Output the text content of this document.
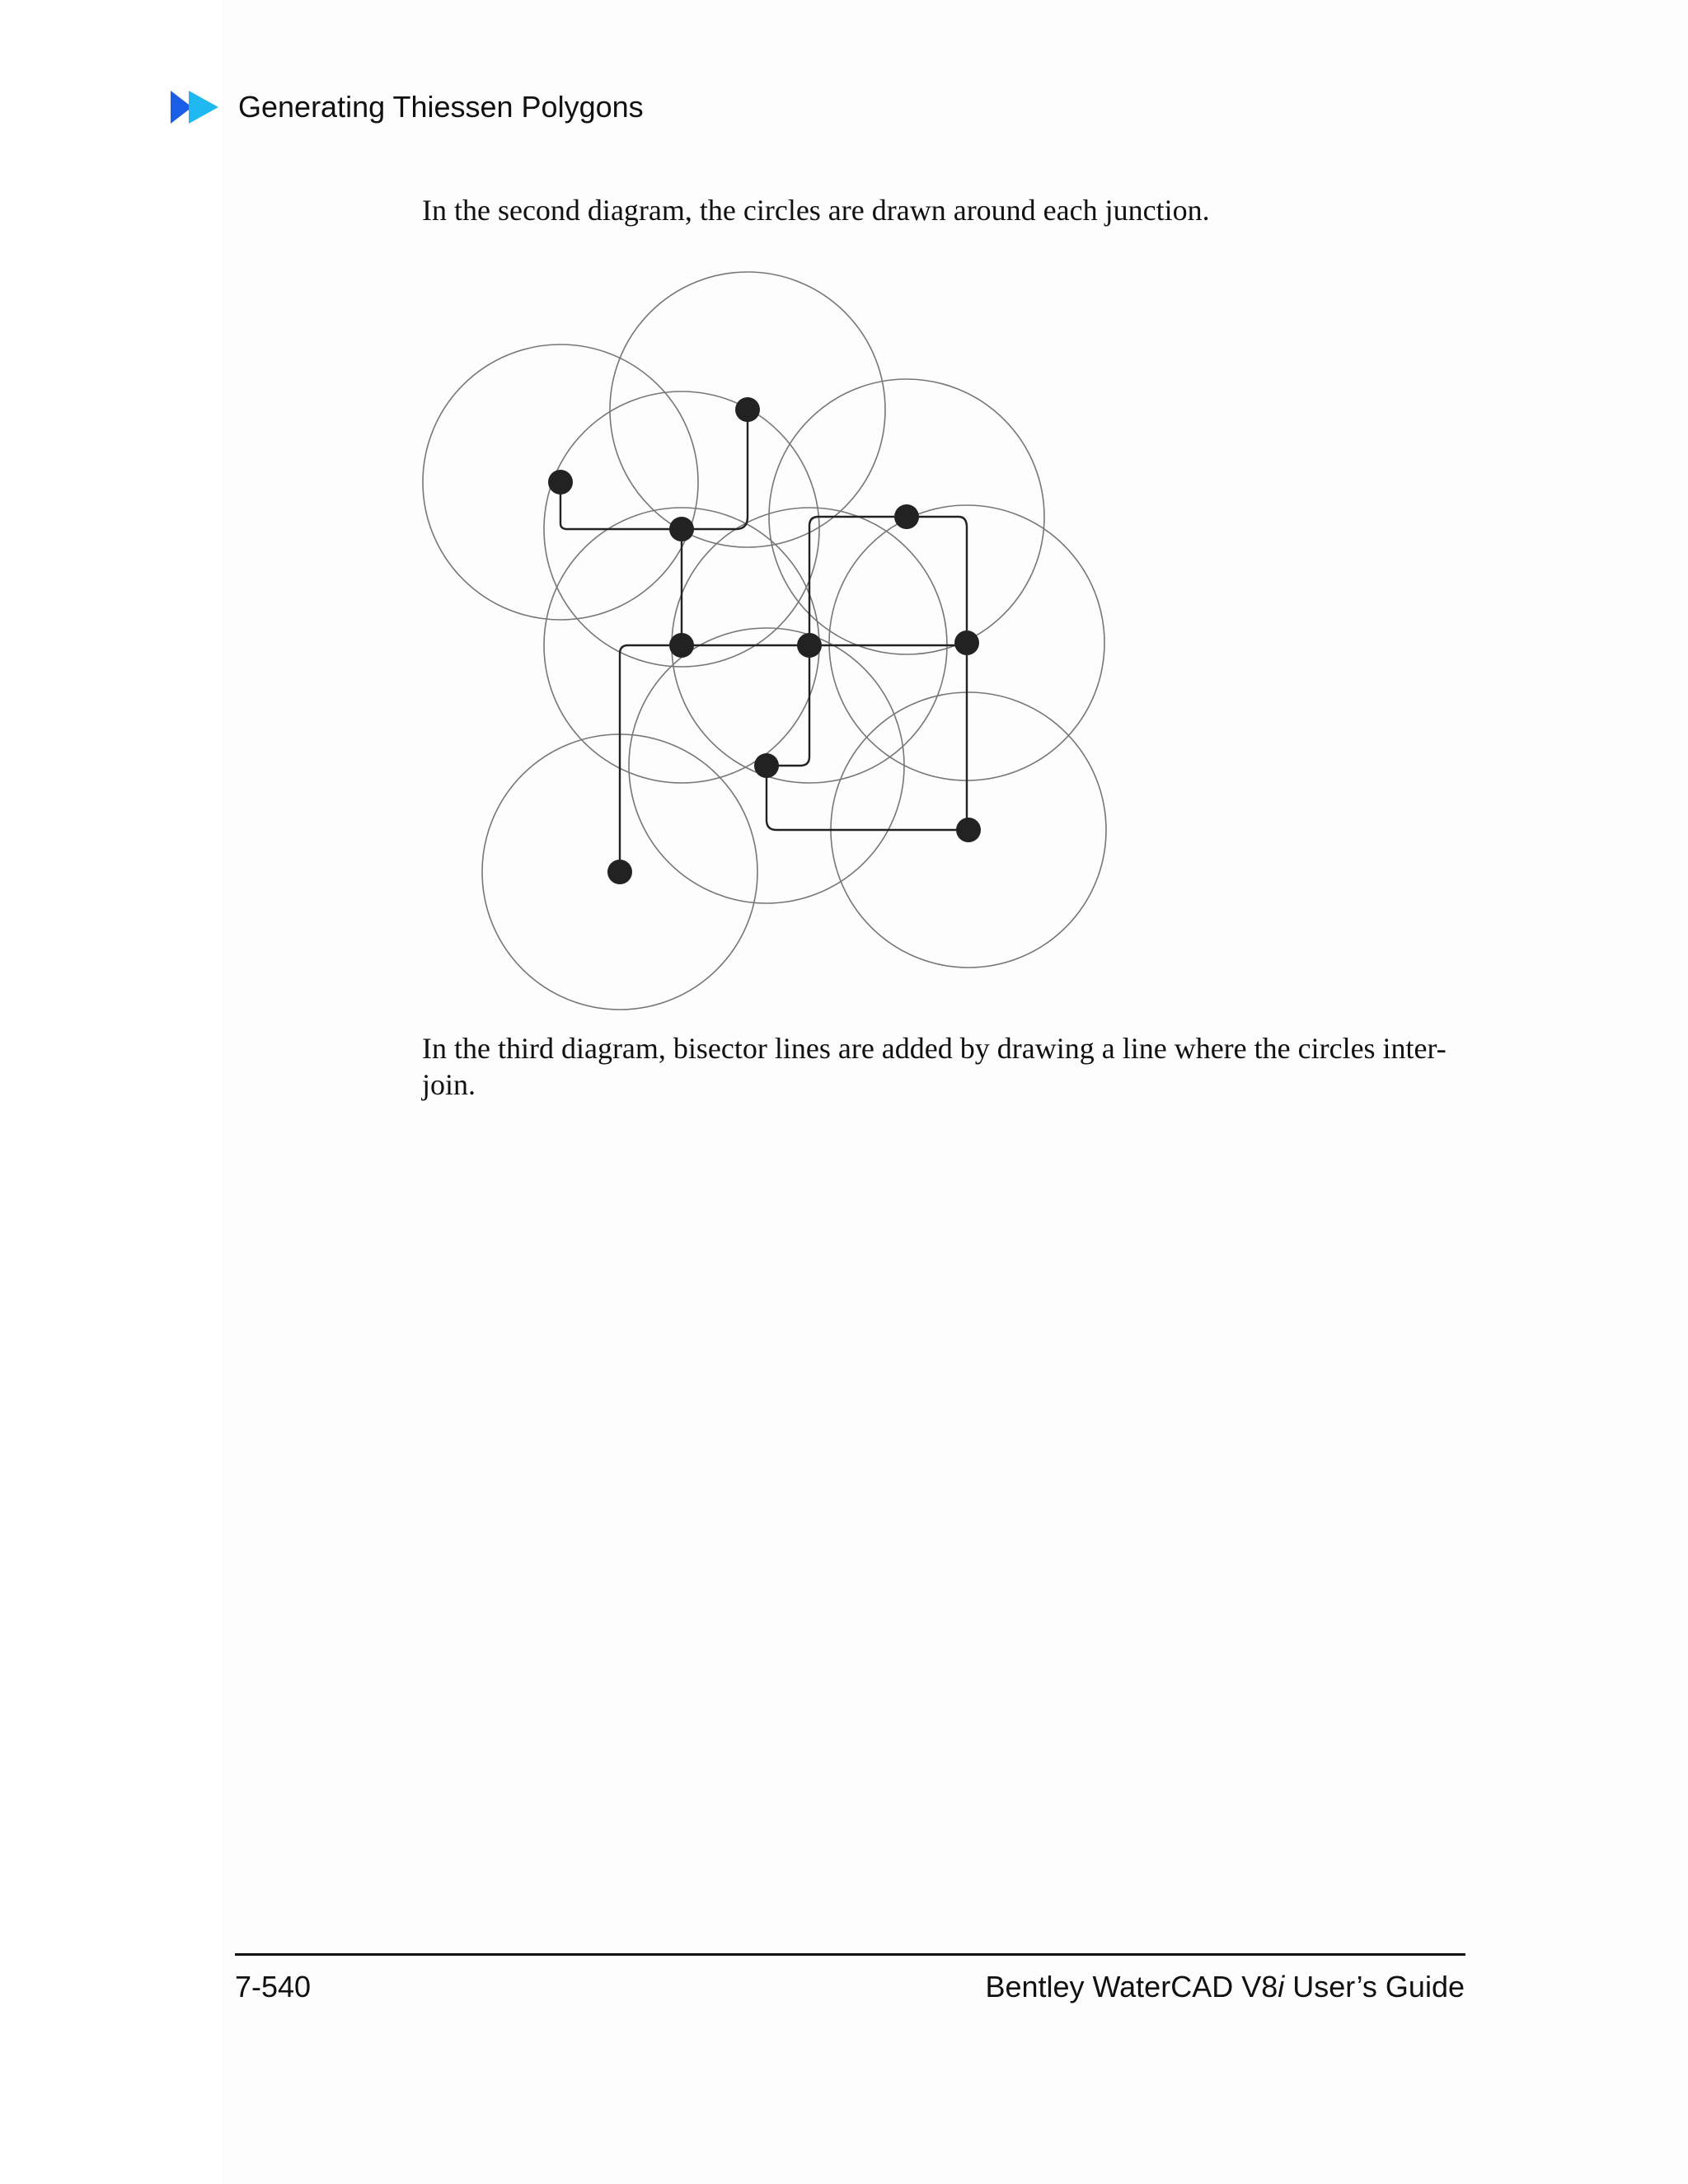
Generating Thiessen Polygons
In the second diagram, the circles are drawn around each junction.
In the third diagram, bisector lines are added by drawing a line where the circles inter-
join.
7-540	Bentley WaterCAD V8i User’s Guide
